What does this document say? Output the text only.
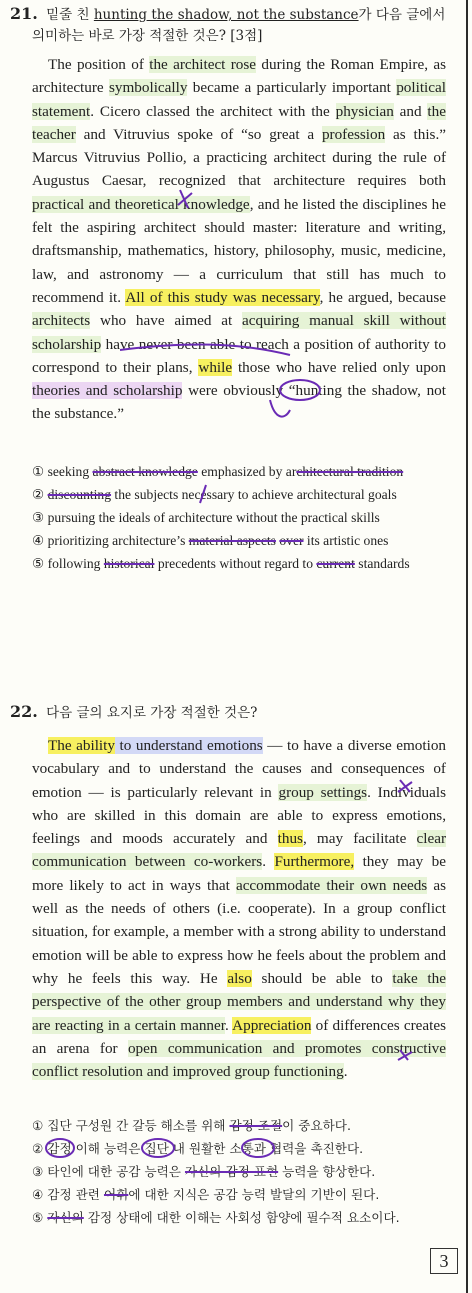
21. 밑줄 친 hunting the shadow, not the substance가 다음 글에서
의미하는 바로 가장 적절한 것은? [3점]
The position of the architect rose during the Roman Empire, as architecture symbolically became a particularly important political statement. Cicero classed the architect with the physician and the teacher and Vitruvius spoke of “so great a profession as this.” Marcus Vitruvius Pollio, a practicing architect during the rule of Augustus Caesar, recognized that architecture requires both practical and theoretical knowledge, and he listed the disciplines he felt the aspiring architect should master: literature and writing, draftsmanship, mathematics, history, philosophy, music, medicine, law, and astronomy — a curriculum that still has much to recommend it. All of this study was necessary, he argued, because architects who have aimed at acquiring manual skill without scholarship have never been able to reach a position of authority to correspond to their plans, while those who have relied only upon theories and scholarship were obviously “hunting the shadow, not the substance.”
① seeking abstract knowledge emphasized by architectural tradition
② discounting the subjects necessary to achieve architectural goals
③ pursuing the ideals of architecture without the practical skills
④ prioritizing architecture’s material aspects over its artistic ones
⑤ following historical precedents without regard to current standards
22. 다음 글의 요지로 가장 적절한 것은?
The ability to understand emotions — to have a diverse emotion vocabulary and to understand the causes and consequences of emotion — is particularly relevant in group settings. Individuals who are skilled in this domain are able to express emotions, feelings and moods accurately and thus, may facilitate clear communication between co-workers. Furthermore, they may be more likely to act in ways that accommodate their own needs as well as the needs of others (i.e. cooperate). In a group conflict situation, for example, a member with a strong ability to understand emotion will be able to express how he feels about the problem and why he feels this way. He also should be able to take the perspective of the other group members and understand why they are reacting in a certain manner. Appreciation of differences creates an arena for open communication and promotes constructive conflict resolution and improved group functioning.
① 집단 구성원 간 갈등 해소를 위해 감정 조절이 중요하다.
② 감정 이해 능력은 집단 내 원활한 소통과 협력을 촉진한다.
③ 타인에 대한 공감 능력은 자신의 감정 표현 능력을 향상한다.
④ 감정 관련 어휘에 대한 지식은 공감 능력 발달의 기반이 된다.
⑤ 자신의 감정 상태에 대한 이해는 사회성 함양에 필수적 요소이다.
3
